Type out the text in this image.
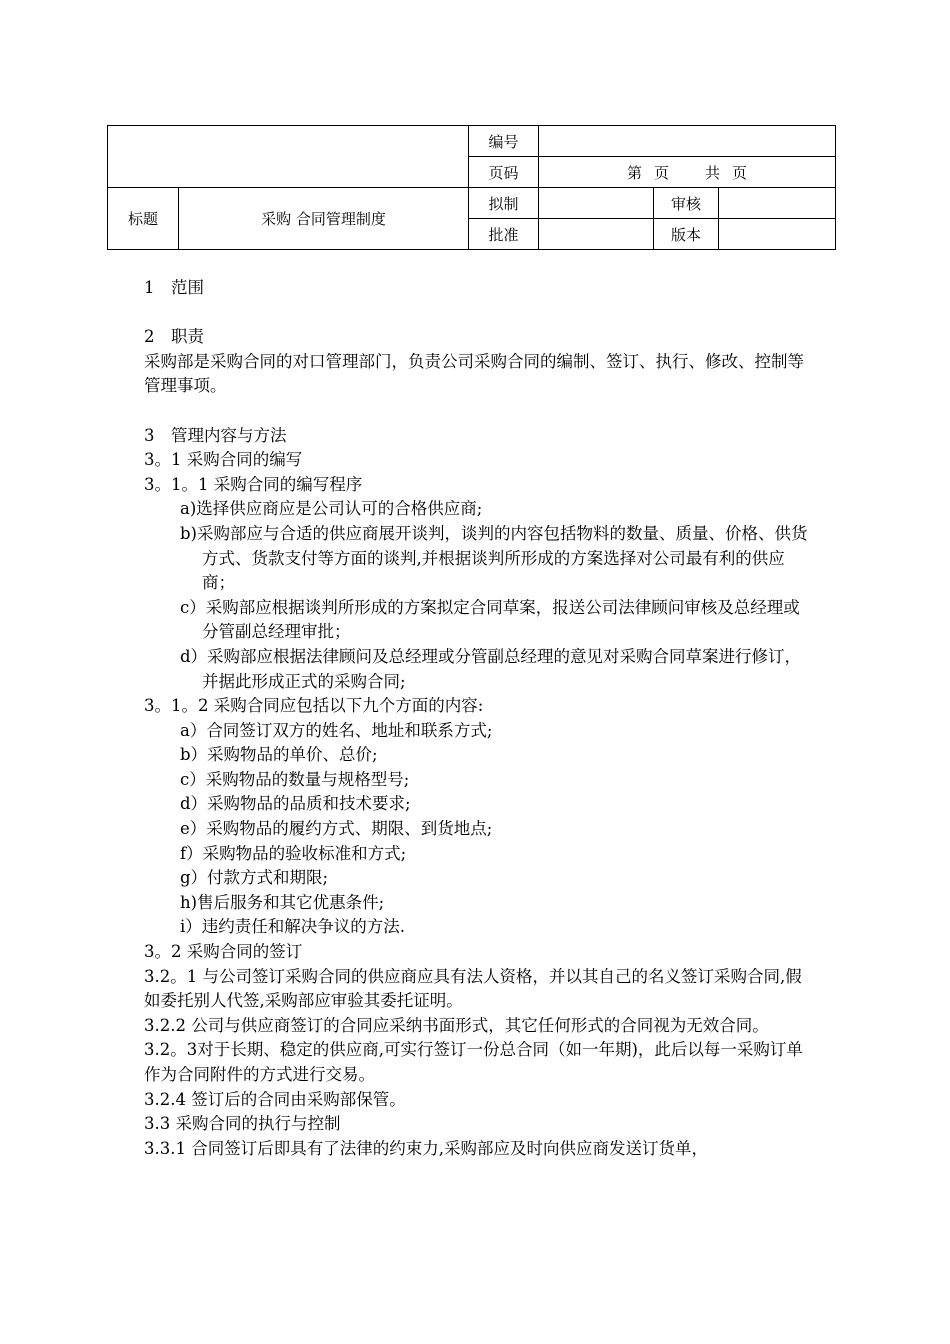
		编号			
		页码	第 页 共 页		
标题	采购 合同管理制度	拟制		审核	
		批准		版本	

1　范围

2　职责

采购部是采购合同的对口管理部门，负责公司采购合同的编制、签订、执行、修改、控制等管理事项。

3　管理内容与方法

3。1 采购合同的编写

3。1。1 采购合同的编写程序

a)选择供应商应是公司认可的合格供应商;

b)采购部应与合适的供应商展开谈判，谈判的内容包括物料的数量、质量、价格、供货方式、货款支付等方面的谈判,并根据谈判所形成的方案选择对公司最有利的供应商；

c）采购部应根据谈判所形成的方案拟定合同草案，报送公司法律顾问审核及总经理或分管副总经理审批；

d）采购部应根据法律顾问及总经理或分管副总经理的意见对采购合同草案进行修订，并据此形成正式的采购合同;

3。1。2 采购合同应包括以下九个方面的内容:

a）合同签订双方的姓名、地址和联系方式;

b）采购物品的单价、总价;

c）采购物品的数量与规格型号;

d）采购物品的品质和技术要求;

e）采购物品的履约方式、期限、到货地点;

f）采购物品的验收标准和方式;

g）付款方式和期限;

h)售后服务和其它优惠条件;

i）违约责任和解决争议的方法.

3。2 采购合同的签订

3.2。1 与公司签订采购合同的供应商应具有法人资格，并以其自己的名义签订采购合同,假如委托别人代签,采购部应审验其委托证明。

3.2.2 公司与供应商签订的合同应采纳书面形式，其它任何形式的合同视为无效合同。

3.2。3对于长期、稳定的供应商,可实行签订一份总合同（如一年期)，此后以每一采购订单作为合同附件的方式进行交易。

3.2.4 签订后的合同由采购部保管。

3.3 采购合同的执行与控制

3.3.1 合同签订后即具有了法律的约束力,采购部应及时向供应商发送订货单，
